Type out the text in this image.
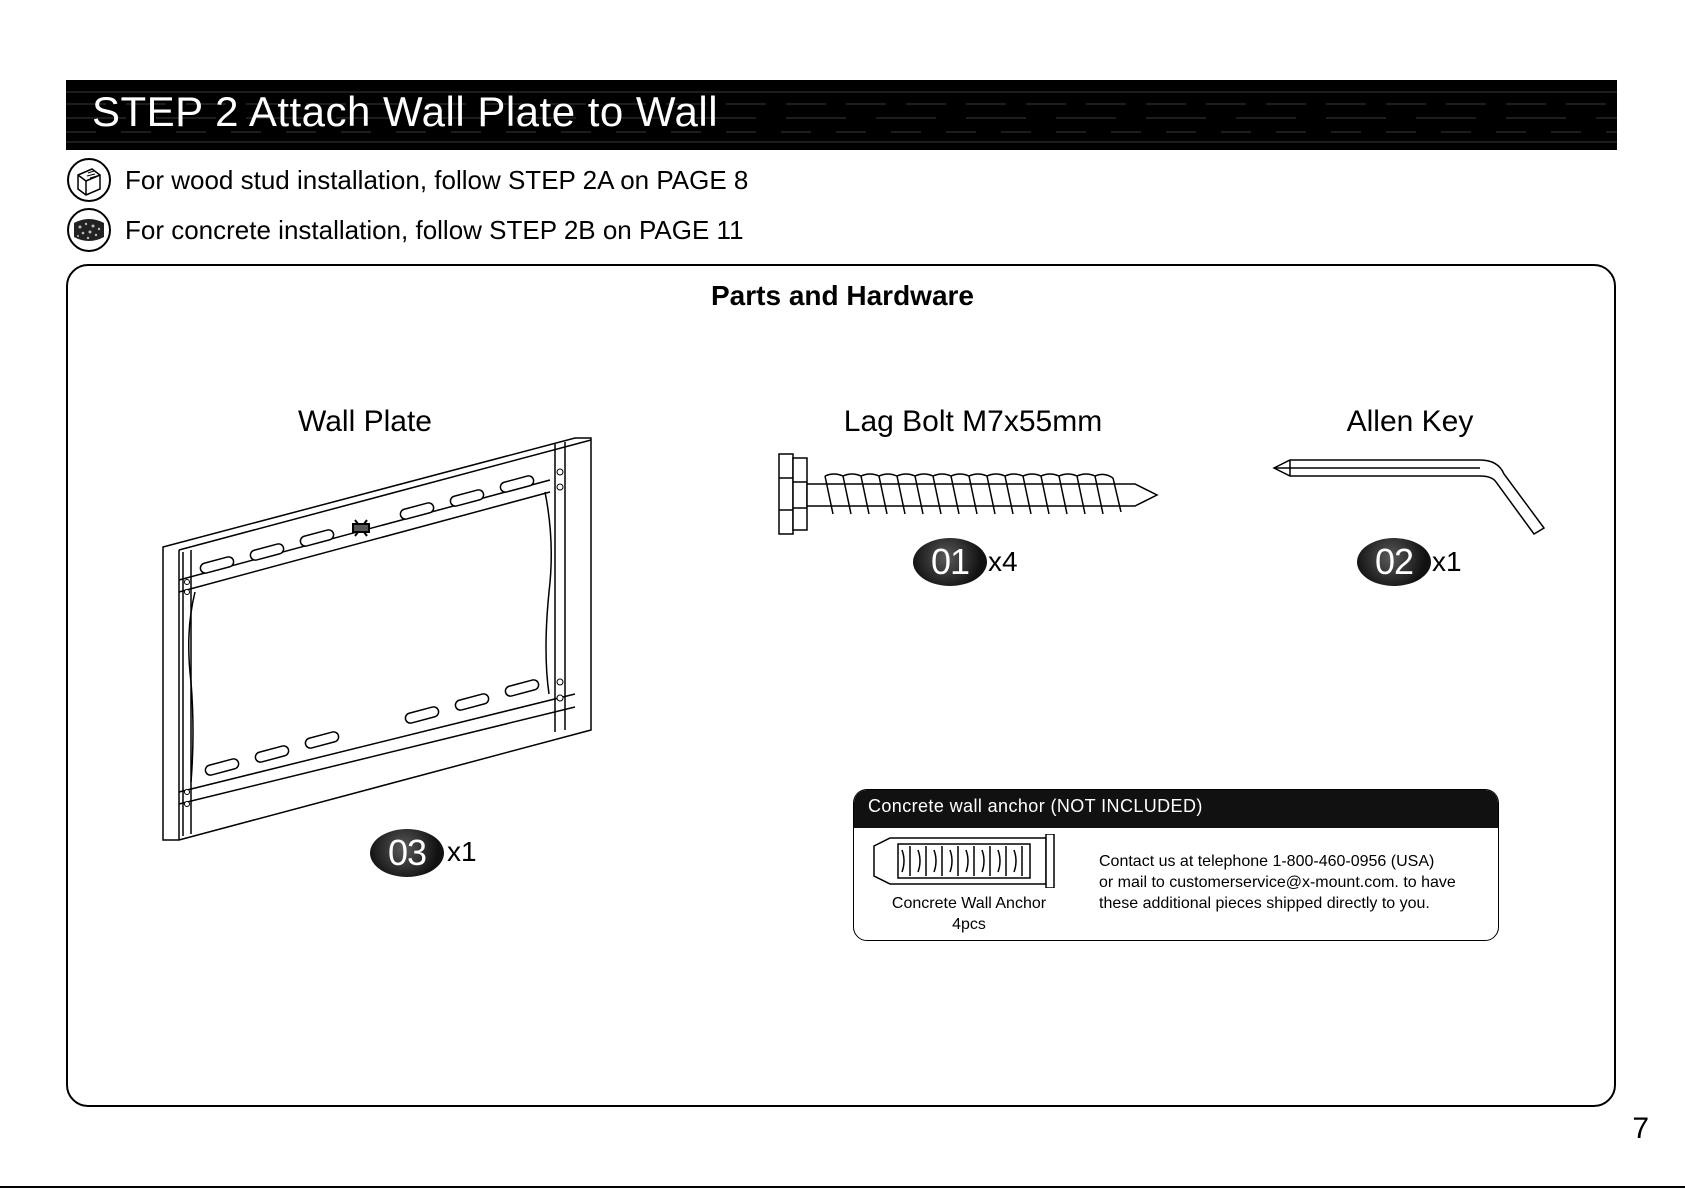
STEP 2 Attach Wall Plate to Wall
For wood stud installation, follow STEP 2A on PAGE 8
For concrete installation, follow STEP 2B on PAGE 11
Parts and Hardware
Wall Plate
03 x1
Lag Bolt M7x55mm
01 x4
Allen Key
02 x1
Concrete wall anchor (NOT INCLUDED)
Concrete Wall Anchor
4pcs
Contact us at telephone 1-800-460-0956 (USA)
or mail to customerservice@x-mount.com. to have
these additional pieces shipped directly to you.
7
